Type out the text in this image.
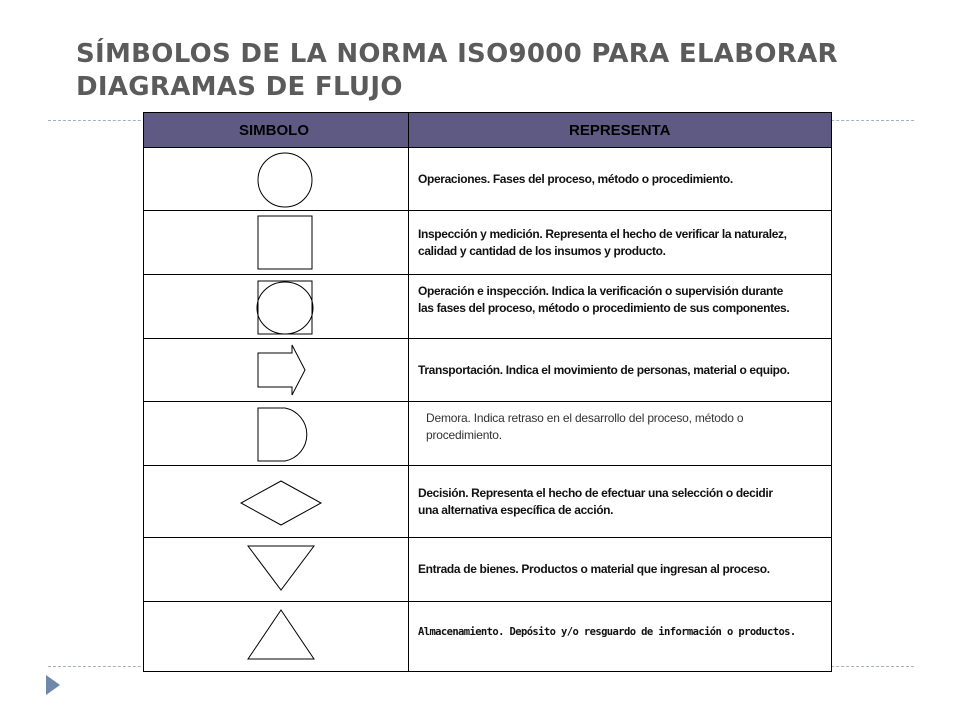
SÍMBOLOS DE LA NORMA ISO9000 PARA ELABORAR
DIAGRAMAS DE FLUJO
SIMBOLO	REPRESENTA
Operaciones. Fases del proceso, método o procedimiento.
Inspección y medición. Representa el hecho de verificar la naturalez,
calidad y cantidad de los insumos y producto.
Operación e inspección. Indica la verificación o supervisión durante
las fases del proceso, método o procedimiento de sus componentes.
Transportación. Indica el movimiento de personas, material o equipo.
Demora. Indica retraso en el desarrollo del proceso, método o
procedimiento.
Decisión. Representa el hecho de efectuar una selección o decidir
una alternativa específica de acción.
Entrada de bienes. Productos o material que ingresan al proceso.
Almacenamiento. Depósito y/o resguardo de información o productos.
